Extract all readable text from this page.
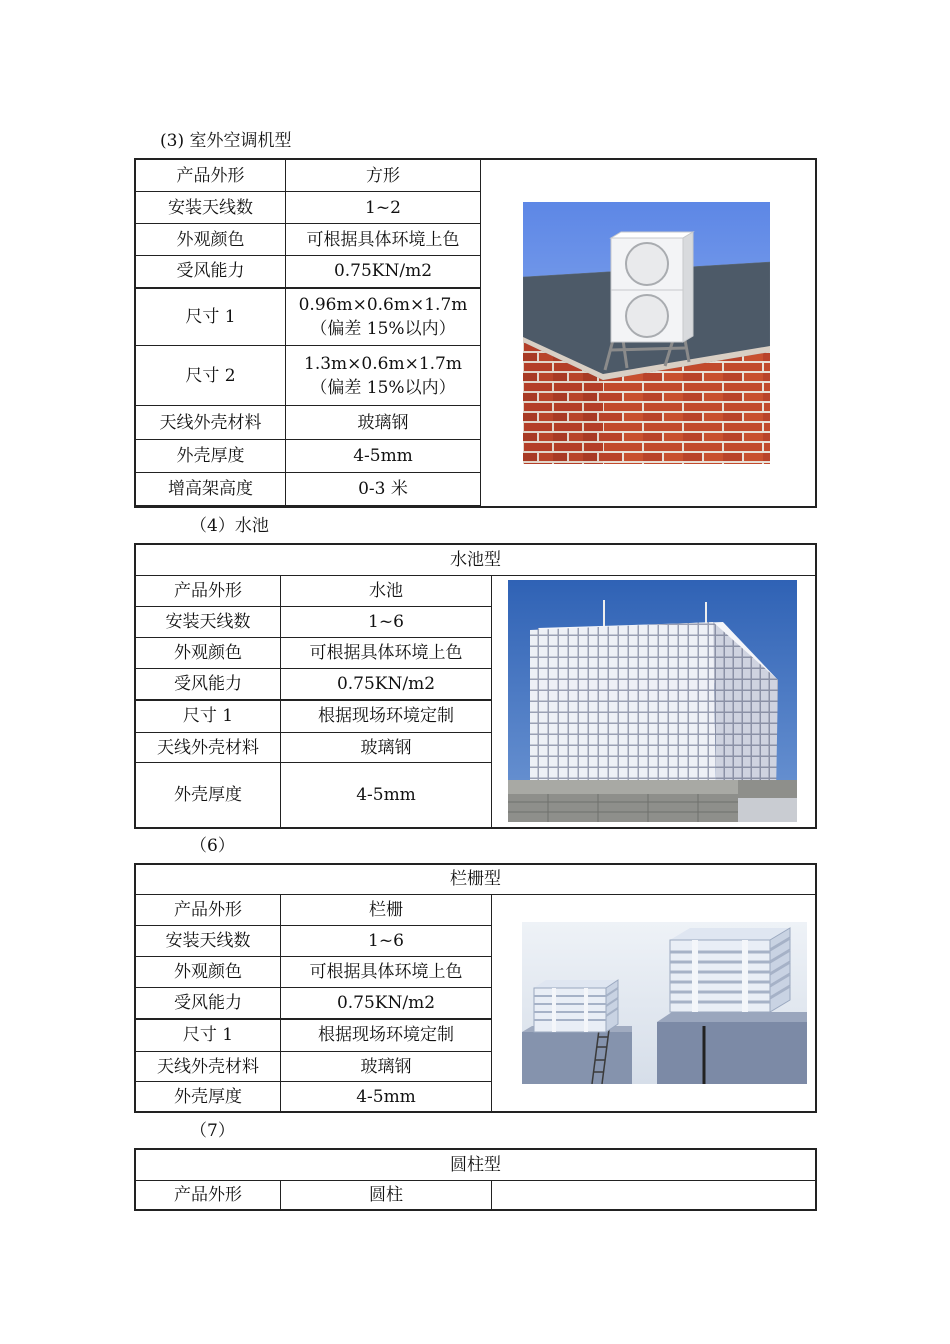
(3) 室外空调机型
产品外形	方形
安装天线数	1~2
外观颜色	可根据具体环境上色
受风能力	0.75KN/m2
尺寸 1	0.96m×0.6m×1.7m
（偏差 15%以内）

尺寸 2	1.3m×0.6m×1.7m
（偏差 15%以内）

天线外壳材料	玻璃钢
外壳厚度	4-5mm
增高架高度	0-3 米
（4）水池
水池型
产品外形	水池
安装天线数	1~6
外观颜色	可根据具体环境上色
受风能力	0.75KN/m2
尺寸 1	根据现场环境定制
天线外壳材料	玻璃钢
外壳厚度	4-5mm
（6）
栏栅型
产品外形	栏栅
安装天线数	1~6
外观颜色	可根据具体环境上色
受风能力	0.75KN/m2
尺寸 1	根据现场环境定制
天线外壳材料	玻璃钢
外壳厚度	4-5mm
（7）
圆柱型
产品外形	圆柱
